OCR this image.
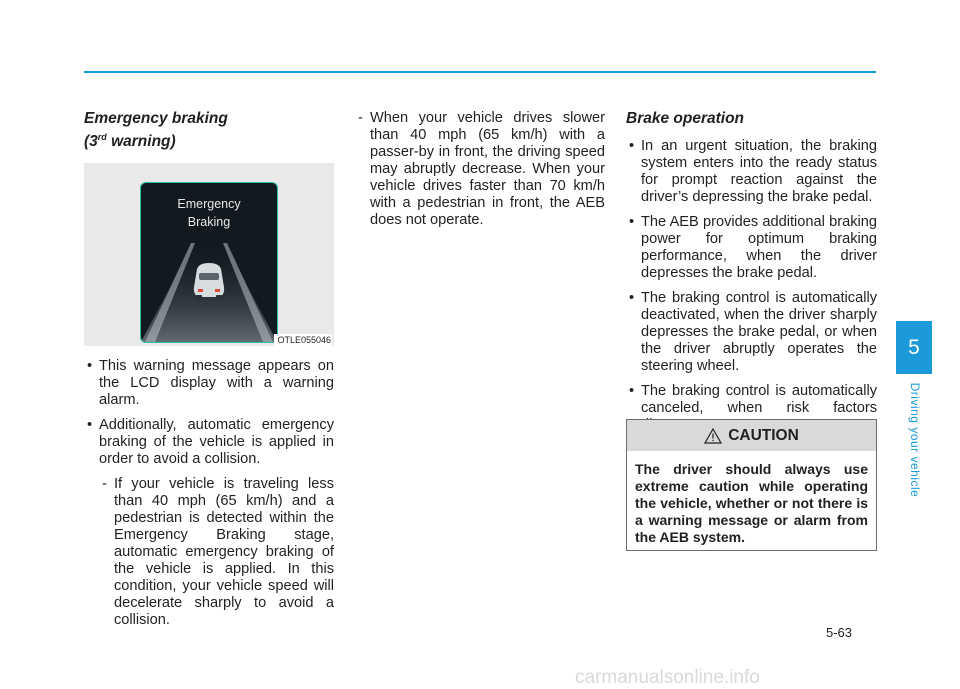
Emergency braking
(3rd warning)

Emergency
Braking
OTLE055046
• This warning message appears on the LCD display with a warning alarm.
• Additionally, automatic emergency braking of the vehicle is applied in order to avoid a collision.
- If your vehicle is traveling less than 40 mph (65 km/h) and a pedestrian is detected within the Emergency Braking stage, automatic emergency braking of the vehicle is applied. In this condition, your vehicle speed will decelerate sharply to avoid a collision.
- When your vehicle drives slower than 40 mph (65 km/h) with a passer-by in front, the driving speed may abruptly decrease. When your vehicle drives faster than 70 km/h with a pedestrian in front, the AEB does not operate.

Brake operation

• In an urgent situation, the braking system enters into the ready status for prompt reaction against the driver’s depressing the brake pedal.
• The AEB provides additional braking power for optimum braking performance, when the driver depresses the brake pedal.
• The braking control is automatically deactivated, when the driver sharply depresses the brake pedal, or when the driver abruptly operates the steering wheel.
• The braking control is automatically canceled, when risk factors
CAUTION
The driver should always use extreme caution while operating the vehicle, whether or not there is a warning message or alarm from the AEB system.
5
Driving your vehicle
5-63
carmanualsonline.info
